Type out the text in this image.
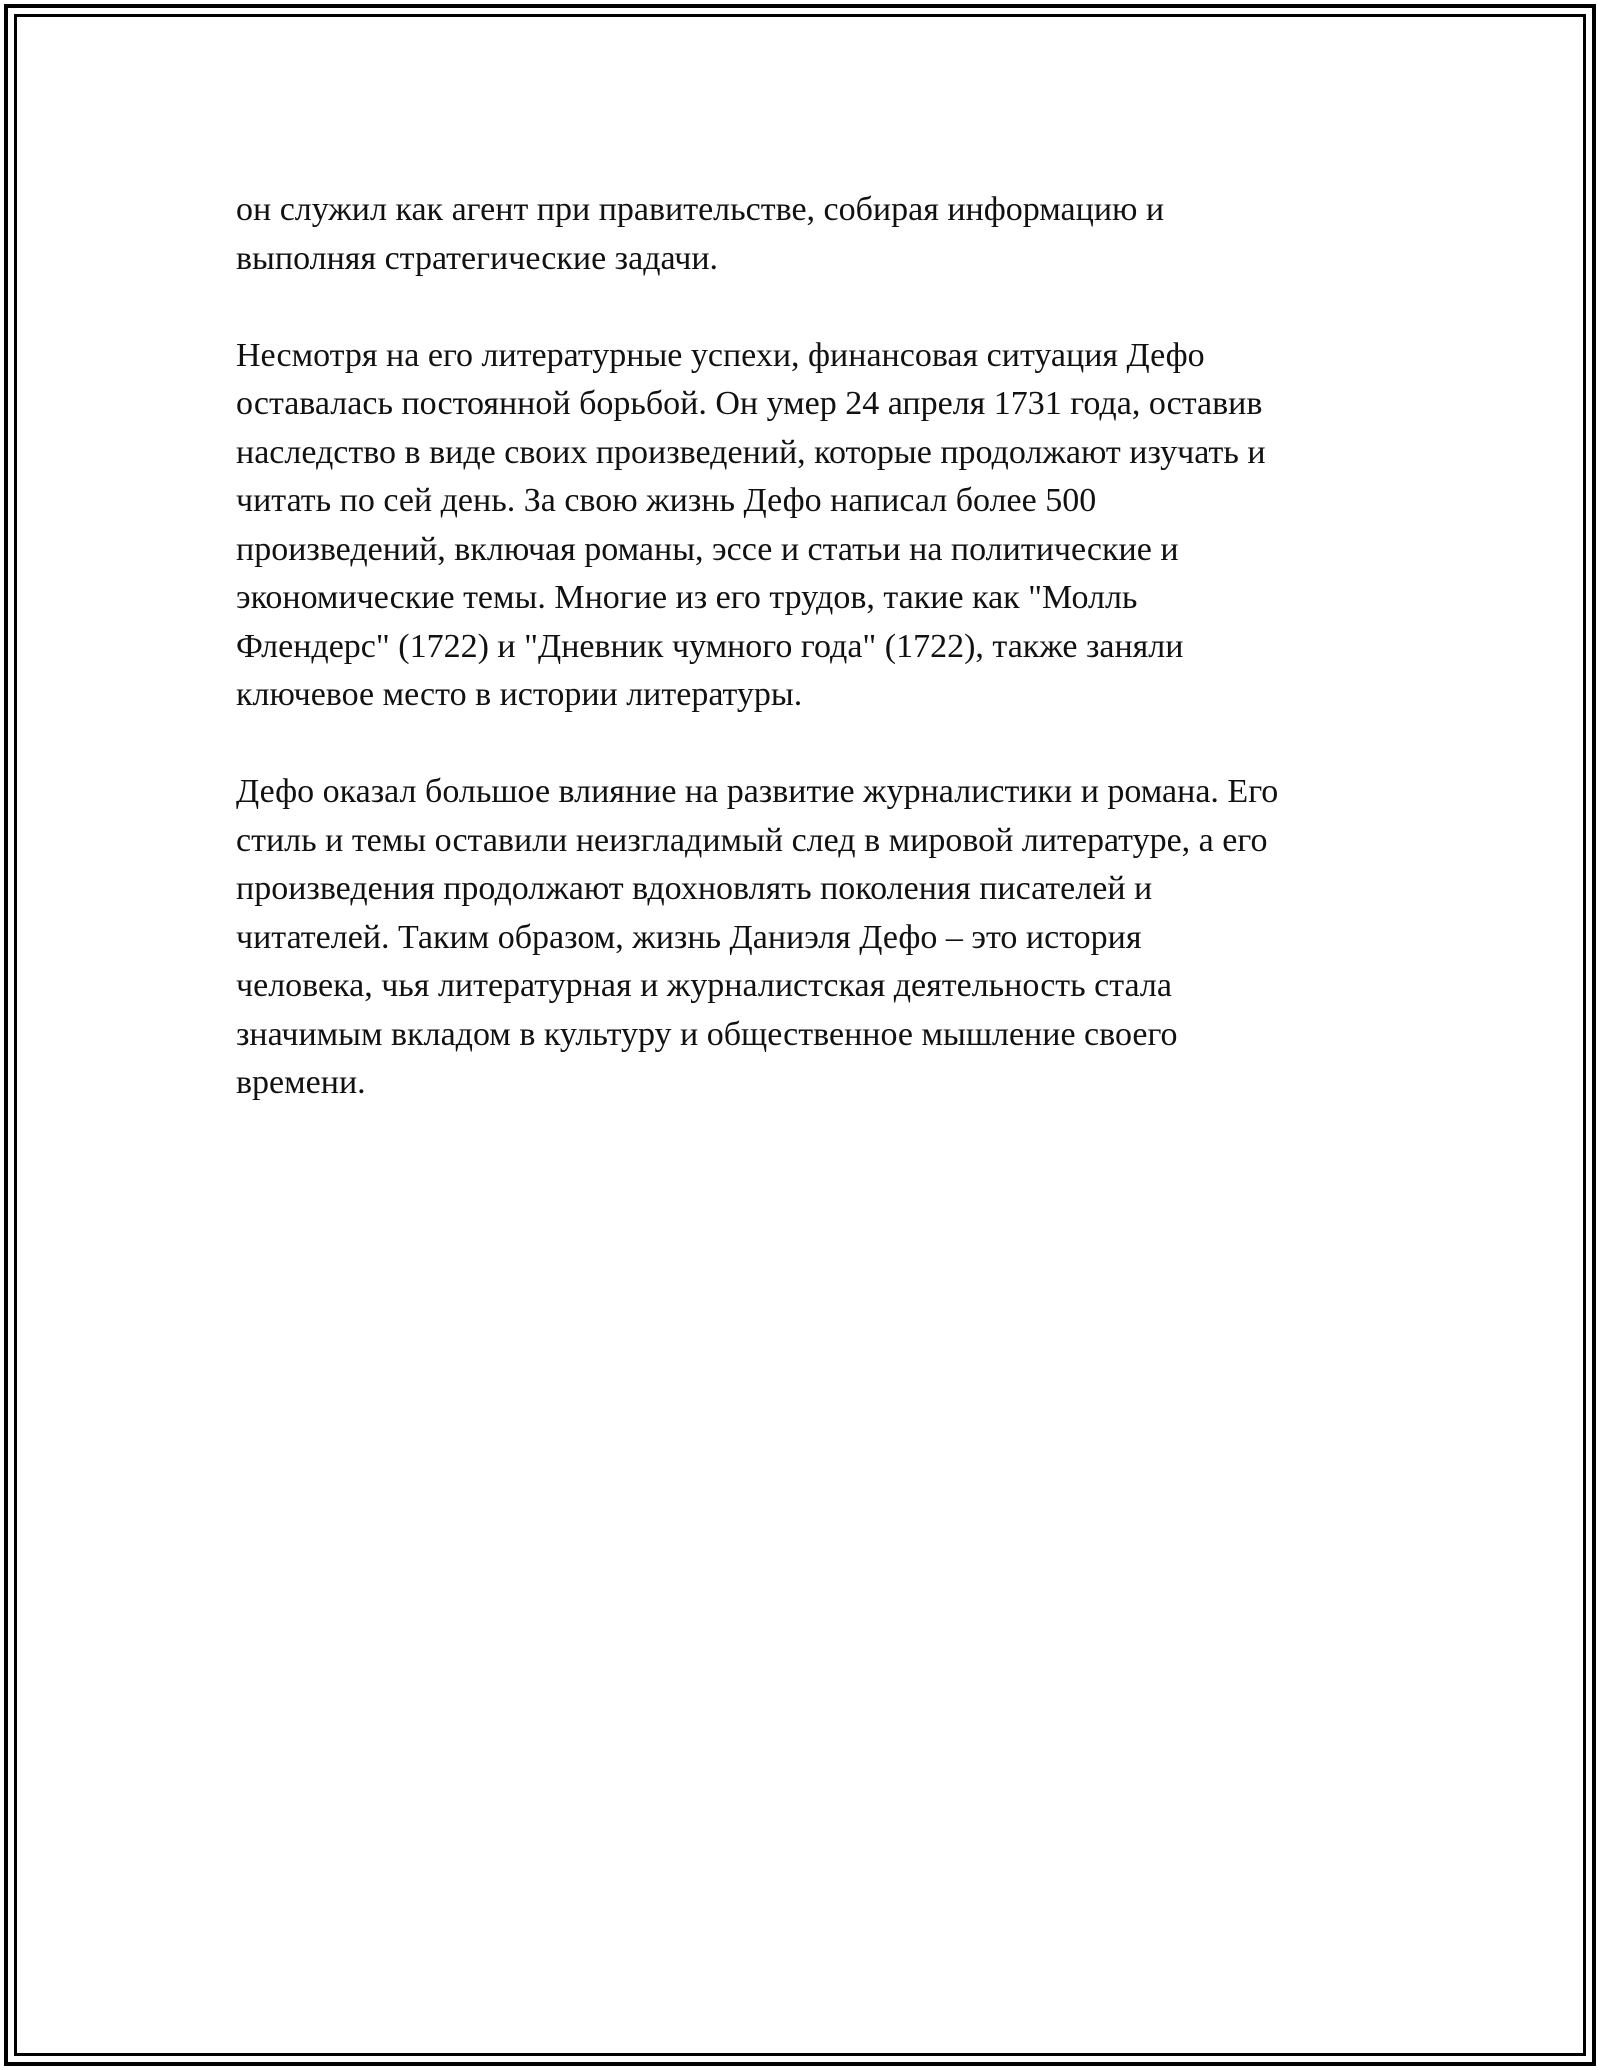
он служил как агент при правительстве, собирая информацию и
выполняя стратегические задачи.

Несмотря на его литературные успехи, финансовая ситуация Дефо
оставалась постоянной борьбой. Он умер 24 апреля 1731 года, оставив
наследство в виде своих произведений, которые продолжают изучать и
читать по сей день. За свою жизнь Дефо написал более 500
произведений, включая романы, эссе и статьи на политические и
экономические темы. Многие из его трудов, такие как "Молль
Флендерс" (1722) и "Дневник чумного года" (1722), также заняли
ключевое место в истории литературы.

Дефо оказал большое влияние на развитие журналистики и романа. Его
стиль и темы оставили неизгладимый след в мировой литературе, а его
произведения продолжают вдохновлять поколения писателей и
читателей. Таким образом, жизнь Даниэля Дефо – это история
человека, чья литературная и журналистская деятельность стала
значимым вкладом в культуру и общественное мышление своего
времени.
